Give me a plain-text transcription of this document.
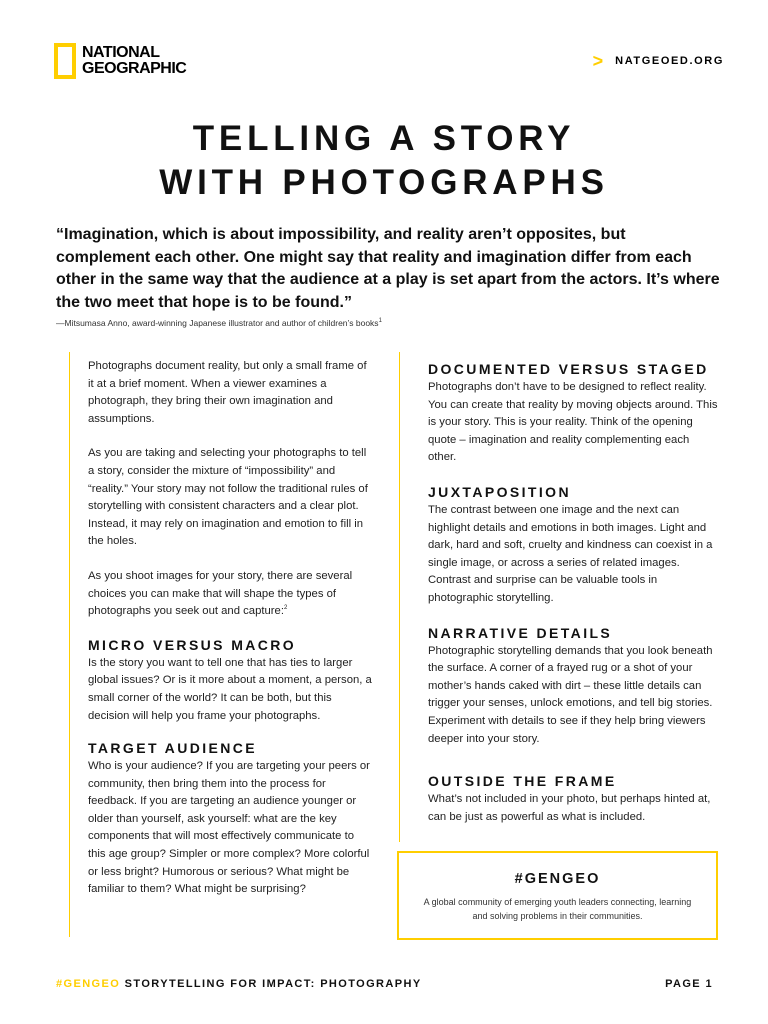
NATIONAL
GEOGRAPHIC	> NATGEOED.ORG
TELLING A STORY
WITH PHOTOGRAPHS
“Imagination, which is about impossibility, and reality aren’t opposites, but complement each other. One might say that reality and imagination differ from each other in the same way that the audience at a play is set apart from the actors. It’s where the two meet that hope is to be found.”
—Mitsumasa Anno, award-winning Japanese illustrator and author of children’s books$^1$

Photographs document reality, but only a small frame of it at a brief moment. When a viewer examines a photograph, they bring their own imagination and assumptions.

As you are taking and selecting your photographs to tell a story, consider the mixture of “impossibility” and “reality.” Your story may not follow the traditional rules of storytelling with consistent characters and a clear plot. Instead, it may rely on imagination and emotion to fill in the holes.

As you shoot images for your story, there are several choices you can make that will shape the types of photographs you seek out and capture:$^2$

MICRO VERSUS MACRO

Is the story you want to tell one that has ties to larger global issues? Or is it more about a moment, a person, a small corner of the world? It can be both, but this decision will help you frame your photographs.

TARGET AUDIENCE

Who is your audience? If you are targeting your peers or community, then bring them into the process for feedback. If you are targeting an audience younger or older than yourself, ask yourself: what are the key components that will most effectively communicate to this age group? Simpler or more complex? More colorful or less bright? Humorous or serious? What might be familiar to them? What might be surprising?

DOCUMENTED VERSUS STAGED

Photographs don’t have to be designed to reflect reality. You can create that reality by moving objects around. This is your story. This is your reality. Think of the opening quote – imagination and reality complementing each other.

JUXTAPOSITION

The contrast between one image and the next can highlight details and emotions in both images. Light and dark, hard and soft, cruelty and kindness can coexist in a single image, or across a series of related images. Contrast and surprise can be valuable tools in photographic storytelling.

NARRATIVE DETAILS

Photographic storytelling demands that you look beneath the surface. A corner of a frayed rug or a shot of your mother’s hands caked with dirt – these little details can trigger your senses, unlock emotions, and tell big stories. Experiment with details to see if they help bring viewers deeper into your story.

OUTSIDE THE FRAME

What’s not included in your photo, but perhaps hinted at, can be just as powerful as what is included.

#GENGEO
A global community of emerging youth leaders connecting, learning and solving problems in their communities.
#GENGEO STORYTELLING FOR IMPACT: PHOTOGRAPHY	PAGE 1
